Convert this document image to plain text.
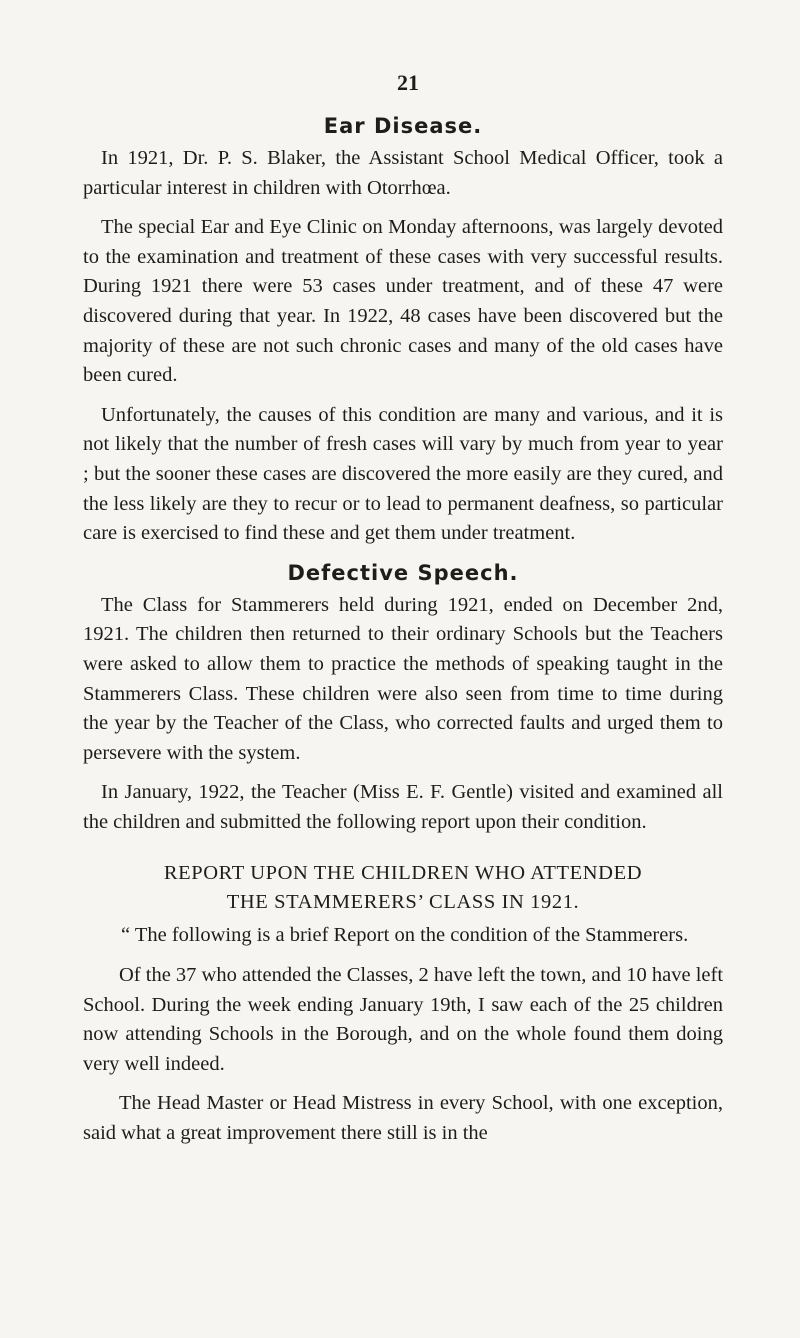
21
Ear Disease.

In 1921, Dr. P. S. Blaker, the Assistant School Medical Officer, took a particular interest in children with Otorrhœa.

The special Ear and Eye Clinic on Monday afternoons, was largely devoted to the examination and treatment of these cases with very successful results. During 1921 there were 53 cases under treatment, and of these 47 were discovered during that year. In 1922, 48 cases have been discovered but the majority of these are not such chronic cases and many of the old cases have been cured.

Unfortunately, the causes of this condition are many and various, and it is not likely that the number of fresh cases will vary by much from year to year ; but the sooner these cases are discovered the more easily are they cured, and the less likely are they to recur or to lead to permanent deafness, so particular care is exercised to find these and get them under treatment.

Defective Speech.

The Class for Stammerers held during 1921, ended on December 2nd, 1921. The children then returned to their ordinary Schools but the Teachers were asked to allow them to practice the methods of speaking taught in the Stammerers Class. These children were also seen from time to time during the year by the Teacher of the Class, who corrected faults and urged them to persevere with the system.

In January, 1922, the Teacher (Miss E. F. Gentle) visited and examined all the children and submitted the following report upon their condition.

REPORT UPON THE CHILDREN WHO ATTENDED
THE STAMMERERS’ CLASS IN 1921.

“ The following is a brief Report on the condition of the Stammerers.

Of the 37 who attended the Classes, 2 have left the town, and 10 have left School. During the week ending January 19th, I saw each of the 25 children now attending Schools in the Borough, and on the whole found them doing very well indeed.

The Head Master or Head Mistress in every School, with one exception, said what a great improvement there still is in the
